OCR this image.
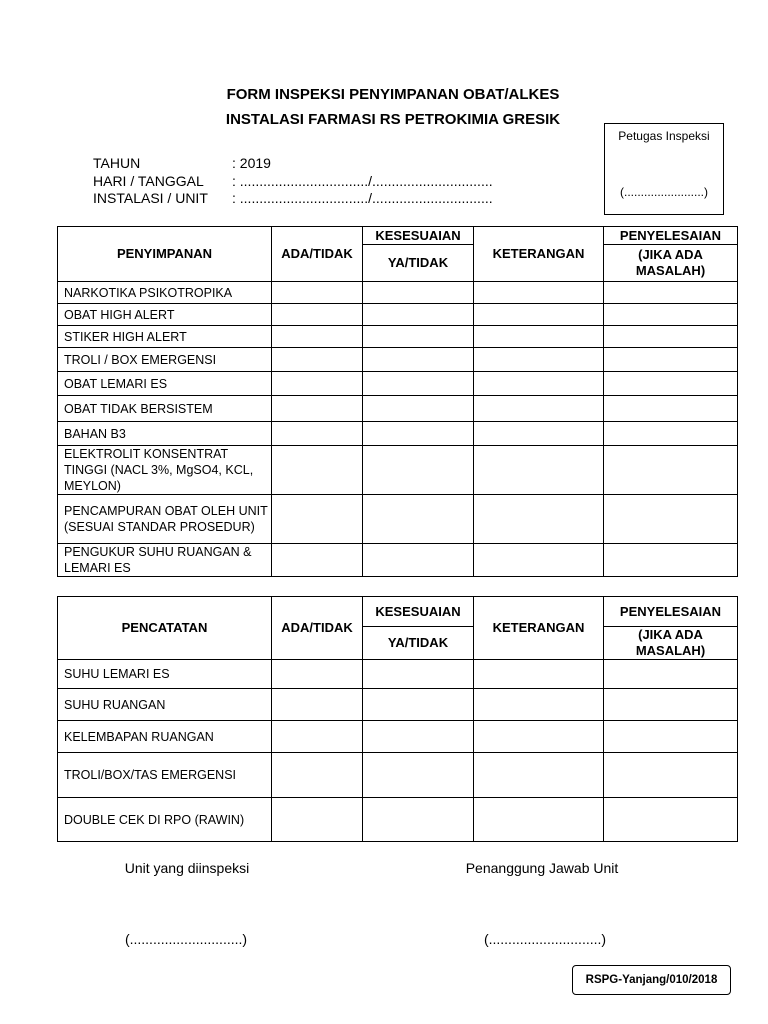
FORM INSPEKSI PENYIMPANAN OBAT/ALKES
INSTALASI FARMASI RS PETROKIMIA GRESIK
Petugas Inspeksi
(........................)
TAHUN	: 2019
HARI / TANGGAL : ................................./...............................
INSTALASI / UNIT : ................................./...............................
PENYIMPANAN	ADA/TIDAK	KESESUAIAN	KETERANGAN	PENYELESAIAN
		YA/TIDAK		(JIKA ADA MASALAH)
NARKOTIKA PSIKOTROPIKA				
OBAT HIGH ALERT				
STIKER HIGH ALERT				
TROLI / BOX EMERGENSI				
OBAT LEMARI ES				
OBAT TIDAK BERSISTEM				
BAHAN B3				
ELEKTROLIT KONSENTRAT TINGGI (NACL 3%, MgSO4, KCL, MEYLON)				
PENCAMPURAN OBAT OLEH UNIT (SESUAI STANDAR PROSEDUR)				
PENGUKUR SUHU RUANGAN & LEMARI ES				
PENCATATAN	ADA/TIDAK	KESESUAIAN	KETERANGAN	PENYELESAIAN
		YA/TIDAK		(JIKA ADA MASALAH)
SUHU LEMARI ES				
SUHU RUANGAN				
KELEMBAPAN RUANGAN				
TROLI/BOX/TAS EMERGENSI				
DOUBLE CEK DI RPO (RAWIN)				
Unit yang diinspeksi	Penanggung Jawab Unit
(.............................)	(.............................)
RSPG-Yanjang/010/2018
